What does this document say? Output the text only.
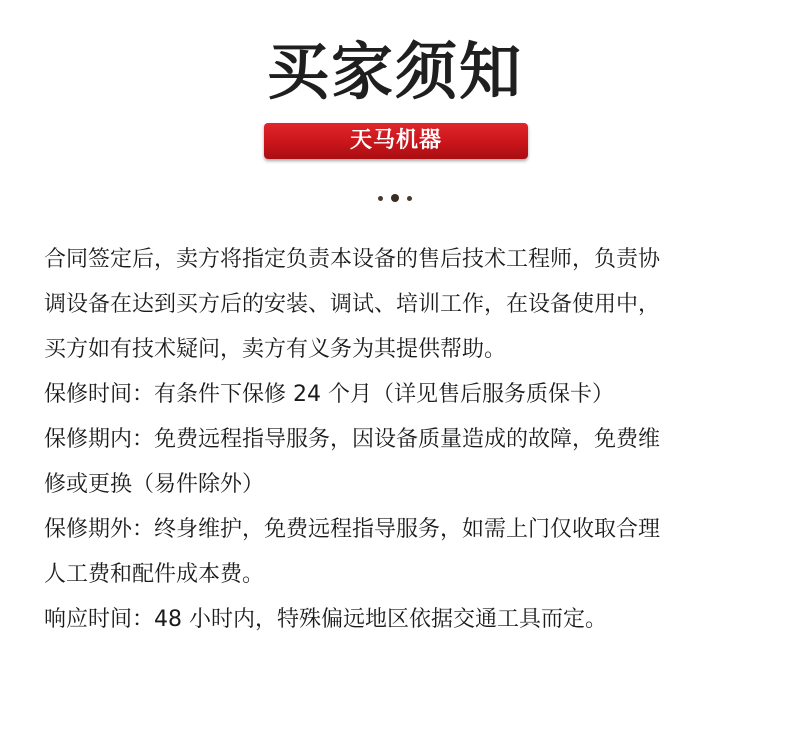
买家须知
天马机器

合同签定后，卖方将指定负责本设备的售后技术工程师，负责协

调设备在达到买方后的安装、调试、培训工作，在设备使用中，

买方如有技术疑问，卖方有义务为其提供帮助。

保修时间：有条件下保修 24 个月（详见售后服务质保卡）

保修期内：免费远程指导服务，因设备质量造成的故障，免费维

修或更换（易件除外）

保修期外：终身维护，免费远程指导服务，如需上门仅收取合理

人工费和配件成本费。

响应时间：48 小时内，特殊偏远地区依据交通工具而定。
